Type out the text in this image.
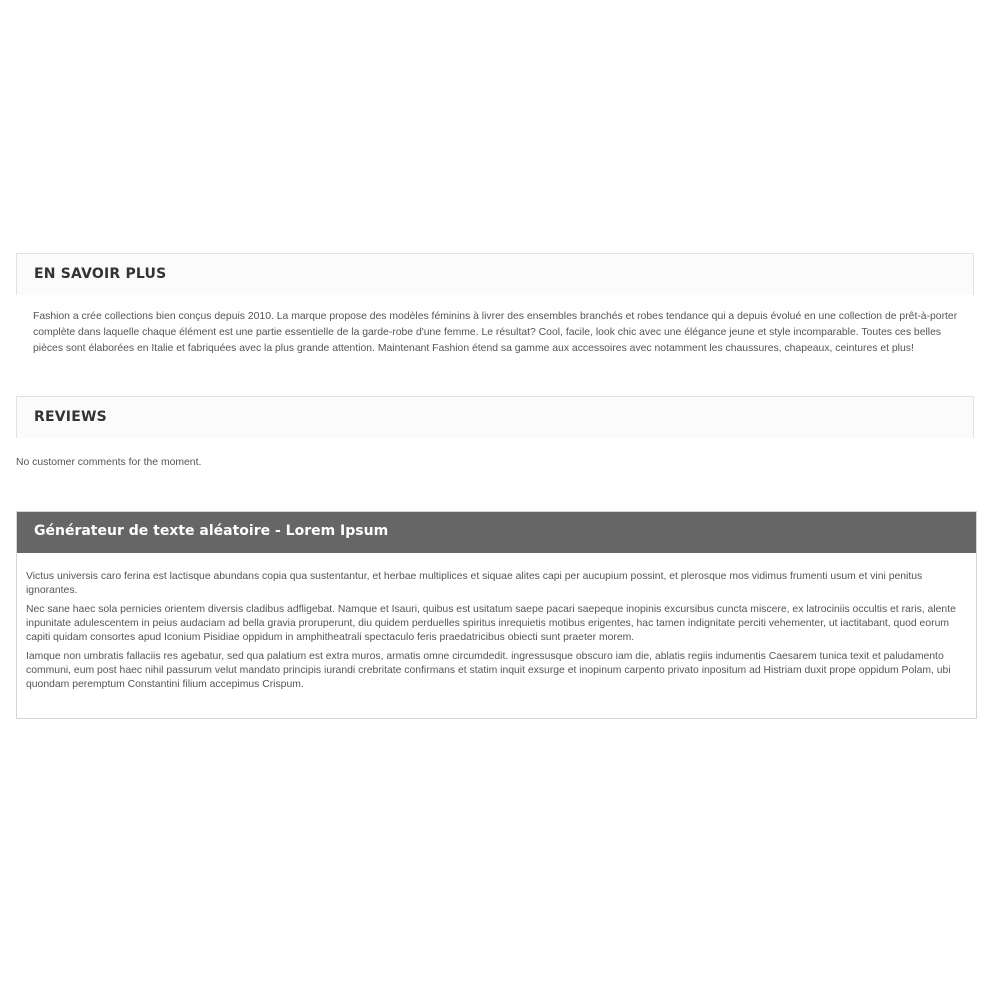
EN SAVOIR PLUS
Fashion a crée collections bien conçus depuis 2010. La marque propose des modèles féminins à livrer des ensembles branchés et robes tendance qui a depuis évolué en une collection de prêt-à-porter complète dans laquelle chaque élément est une partie essentielle de la garde-robe d'une femme. Le résultat? Cool, facile, look chic avec une élégance jeune et style incomparable. Toutes ces belles pièces sont élaborées en Italie et fabriquées avec la plus grande attention. Maintenant Fashion étend sa gamme aux accessoires avec notamment les chaussures, chapeaux, ceintures et plus!
REVIEWS
No customer comments for the moment.
Générateur de texte aléatoire - Lorem Ipsum

Victus universis caro ferina est lactisque abundans copia qua sustentantur, et herbae multiplices et siquae alites capi per aucupium possint, et plerosque mos vidimus frumenti usum et vini penitus ignorantes.

Nec sane haec sola pernicies orientem diversis cladibus adfligebat. Namque et Isauri, quibus est usitatum saepe pacari saepeque inopinis excursibus cuncta miscere, ex latrociniis occultis et raris, alente inpunitate adulescentem in peius audaciam ad bella gravia proruperunt, diu quidem perduelles spiritus inrequietis motibus erigentes, hac tamen indignitate perciti vehementer, ut iactitabant, quod eorum capiti quidam consortes apud Iconium Pisidiae oppidum in amphitheatrali spectaculo feris praedatricibus obiecti sunt praeter morem.

Iamque non umbratis fallaciis res agebatur, sed qua palatium est extra muros, armatis omne circumdedit. ingressusque obscuro iam die, ablatis regiis indumentis Caesarem tunica texit et paludamento communi, eum post haec nihil passurum velut mandato principis iurandi crebritate confirmans et statim inquit exsurge et inopinum carpento privato inpositum ad Histriam duxit prope oppidum Polam, ubi quondam peremptum Constantini filium accepimus Crispum.
